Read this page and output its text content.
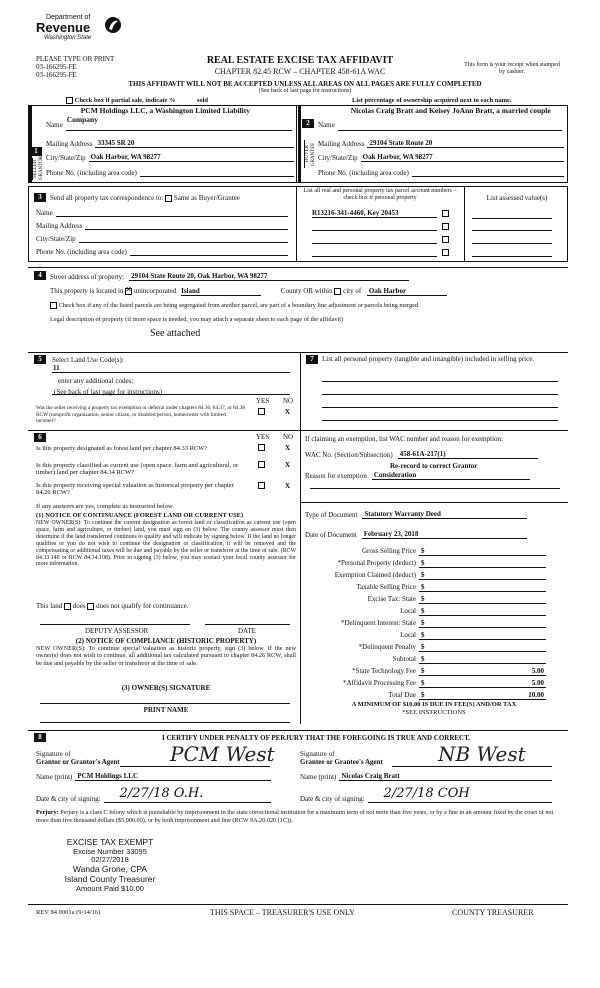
Department of
Revenue
Washington State
PLEASE TYPE OR PRINT
03-166295-FE
03-166295-FE
REAL ESTATE EXCISE TAX AFFIDAVIT
CHAPTER 82.45 RCW – CHAPTER 458-61A WAC
This form is your receipt when stamped by cashier.
THIS AFFIDAVIT WILL NOT BE ACCEPTED UNLESS ALL AREAS ON ALL PAGES ARE FULLY COMPLETED
(See back of last page for instructions)
Check box if partial sale, indicate %	sold	List percentage of ownership acquired next to each name.
1
SELLER GRANTOR
Name
PCM Holdings LLC, a Washington Limited Liability Company
Mailing Address 33345 SR 20
City/State/Zip Oak Harbor, WA 98277
Phone No. (including area code)
2
BUYER GRANTEE
Name
Nicolas Craig Bratt and Keisey JoAnn Bratt, a married couple
Mailing Address 29104 State Route 20
City/State/Zip Oak Harbor, WA 98277
Phone No. (including area code)
3	Send all property tax correspondence to: Same as Buyer/Grantee
Name
Mailing Address
City/State/Zip
Phone No. (including area code)
List all real and personal property tax parcel account numbers – check box if personal property	List assessed value(s)
R13216-341-4460, Key 20453
4	Street address of property: 29104 State Route 20, Oak Harbor, WA 98277
This property is located in ✕ unincorporated Island	County OR within city of Oak Harbor
Check box if any of the listed parcels are being segregated from another parcel, are part of a boundary line adjustment or parcels being merged.
Legal description of property (if more space is needed, you may attach a separate sheet to each page of the affidavit)
See attached
5	Select Land Use Code(s):
11
enter any additional codes:
(See back of last page for instructions)
YES NO
Was the seller receiving a property tax exemption or deferral under chapters 84.36, 84.37, or 84.38 RCW (nonprofit organization, senior citizen, or disabled person, homeowner with limited income)?
X
6	YES NO
Is this property designated as forest land per chapter 84.33 RCW?	X
Is this property classified as current use (open space, farm and agricultural, or timber) land per chapter 84.34 RCW?
X
Is this property receiving special valuation as historical property per chapter 84.26 RCW?
X
If any answers are yes, complete as instructed below.
(1) NOTICE OF CONTINUANCE (FOREST LAND OR CURRENT USE)
NEW OWNER(S): To continue the current designation as forest land or classification as current use (open space, farm and agriculture, or timber) land, you must sign on (3) below. The county assessor must then determine if the land transferred continues to qualify and will indicate by signing below. If the land no longer qualifies or you do not wish to continue the designation or classification, it will be removed and the compensating or additional taxes will be due and payable by the seller or transferor at the time of sale. (RCW 84.33.140 or RCW 84.34.108). Prior to signing (3) below, you may contact your local county assessor for more information.
This land does does not qualify for continuance.
DEPUTY ASSESSOR	DATE
(2) NOTICE OF COMPLIANCE (HISTORIC PROPERTY)
NEW OWNER(S): To continue special valuation as historic property, sign (3) below. If the new owner(s) does not wish to continue, all additional tax calculated pursuant to chapter 84.26 RCW, shall be due and payable by the seller or transferor at the time of sale.
(3) OWNER(S) SIGNATURE
PRINT NAME
7	List all personal property (tangible and intangible) included in selling price.
If claiming an exemption, list WAC number and reason for exemption:
WAC No. (Section/Subsection) 458-61A-217(1)
Re-record to correct Grantor
Reason for exemption Consideration
Type of Document Statutory Warranty Deed
Date of Document February 23, 2018
Gross Selling Price $
*Personal Property (deduct) $
Exemption Claimed (deduct) $
Taxable Selling Price $
Excise Tax: State $
Local $
*Delinquent Interest: State $
Local $
*Delinquent Penalty $
Subtotal $
*State Technology Fee $	5.00
*Affidavit Processing Fee $	5.00
Total Due $	10.00
A MINIMUM OF $10.00 IS DUE IN FEE(S) AND/OR TAX
*SEE INSTRUCTIONS
8	I CERTIFY UNDER PENALTY OF PERJURY THAT THE FOREGOING IS TRUE AND CORRECT.
Signature of
Grantor or Grantor's Agent	PCM West
Name (print) PCM Holdings LLC
Date & city of signing:	2/27/18 O.H.
Signature of
Grantee or Grantee's Agent	NB West
Name (print) Nicolas Craig Bratt
Date & city of signing:	2/27/18 COH
Perjury: Perjury is a class C felony which is punishable by imprisonment in the state correctional institution for a maximum term of not more than five years, or by a fine in an amount fixed by the court of not more than five thousand dollars ($5,000.00), or by both imprisonment and fine (RCW 9A.20.020 (1C)).
EXCISE TAX EXEMPT
Excise Number 33095
02/27/2018
Wanda Grone, CPA
Island County Treasurer
Amount Paid $10.00
REV 84 0001a (9/14/16)	THIS SPACE – TREASURER'S USE ONLY	COUNTY TREASURER
